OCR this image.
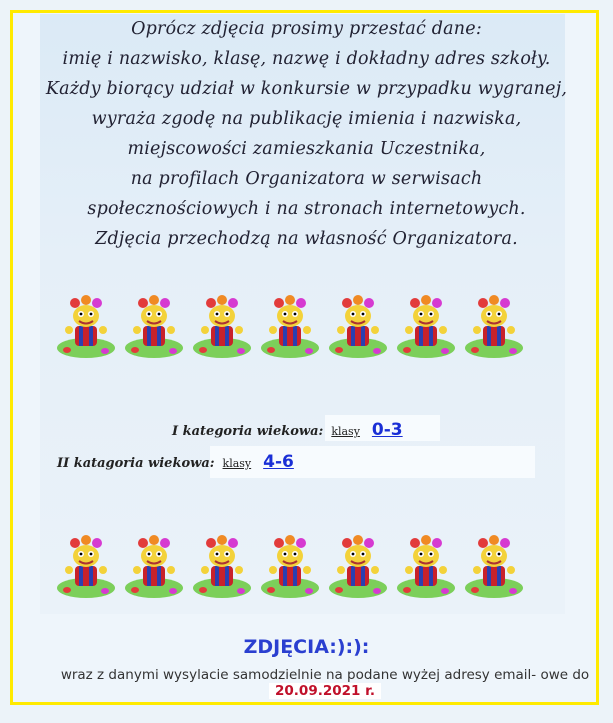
Oprócz zdjęcia prosimy przestać dane:
imię i nazwisko, klasę, nazwę i dokładny adres szkoły.
Każdy biorący udział w konkursie w przypadku wygranej,
wyraża zgodę na publikację imienia i nazwiska,
miejscowości zamieszkania Uczestnika,
na profilach Organizatora w serwisach
społecznościowych i na stronach internetowych.
Zdjęcia przechodzą na własność Organizatora.
I kategoria wiekowa: klasy 0-3
II katagoria wiekowa: klasy 4-6
ZDJĘCIA:):):
wraz z danymi wysylacie samodzielnie na podane wyżej adresy email- owe do 20.09.2021 r.
